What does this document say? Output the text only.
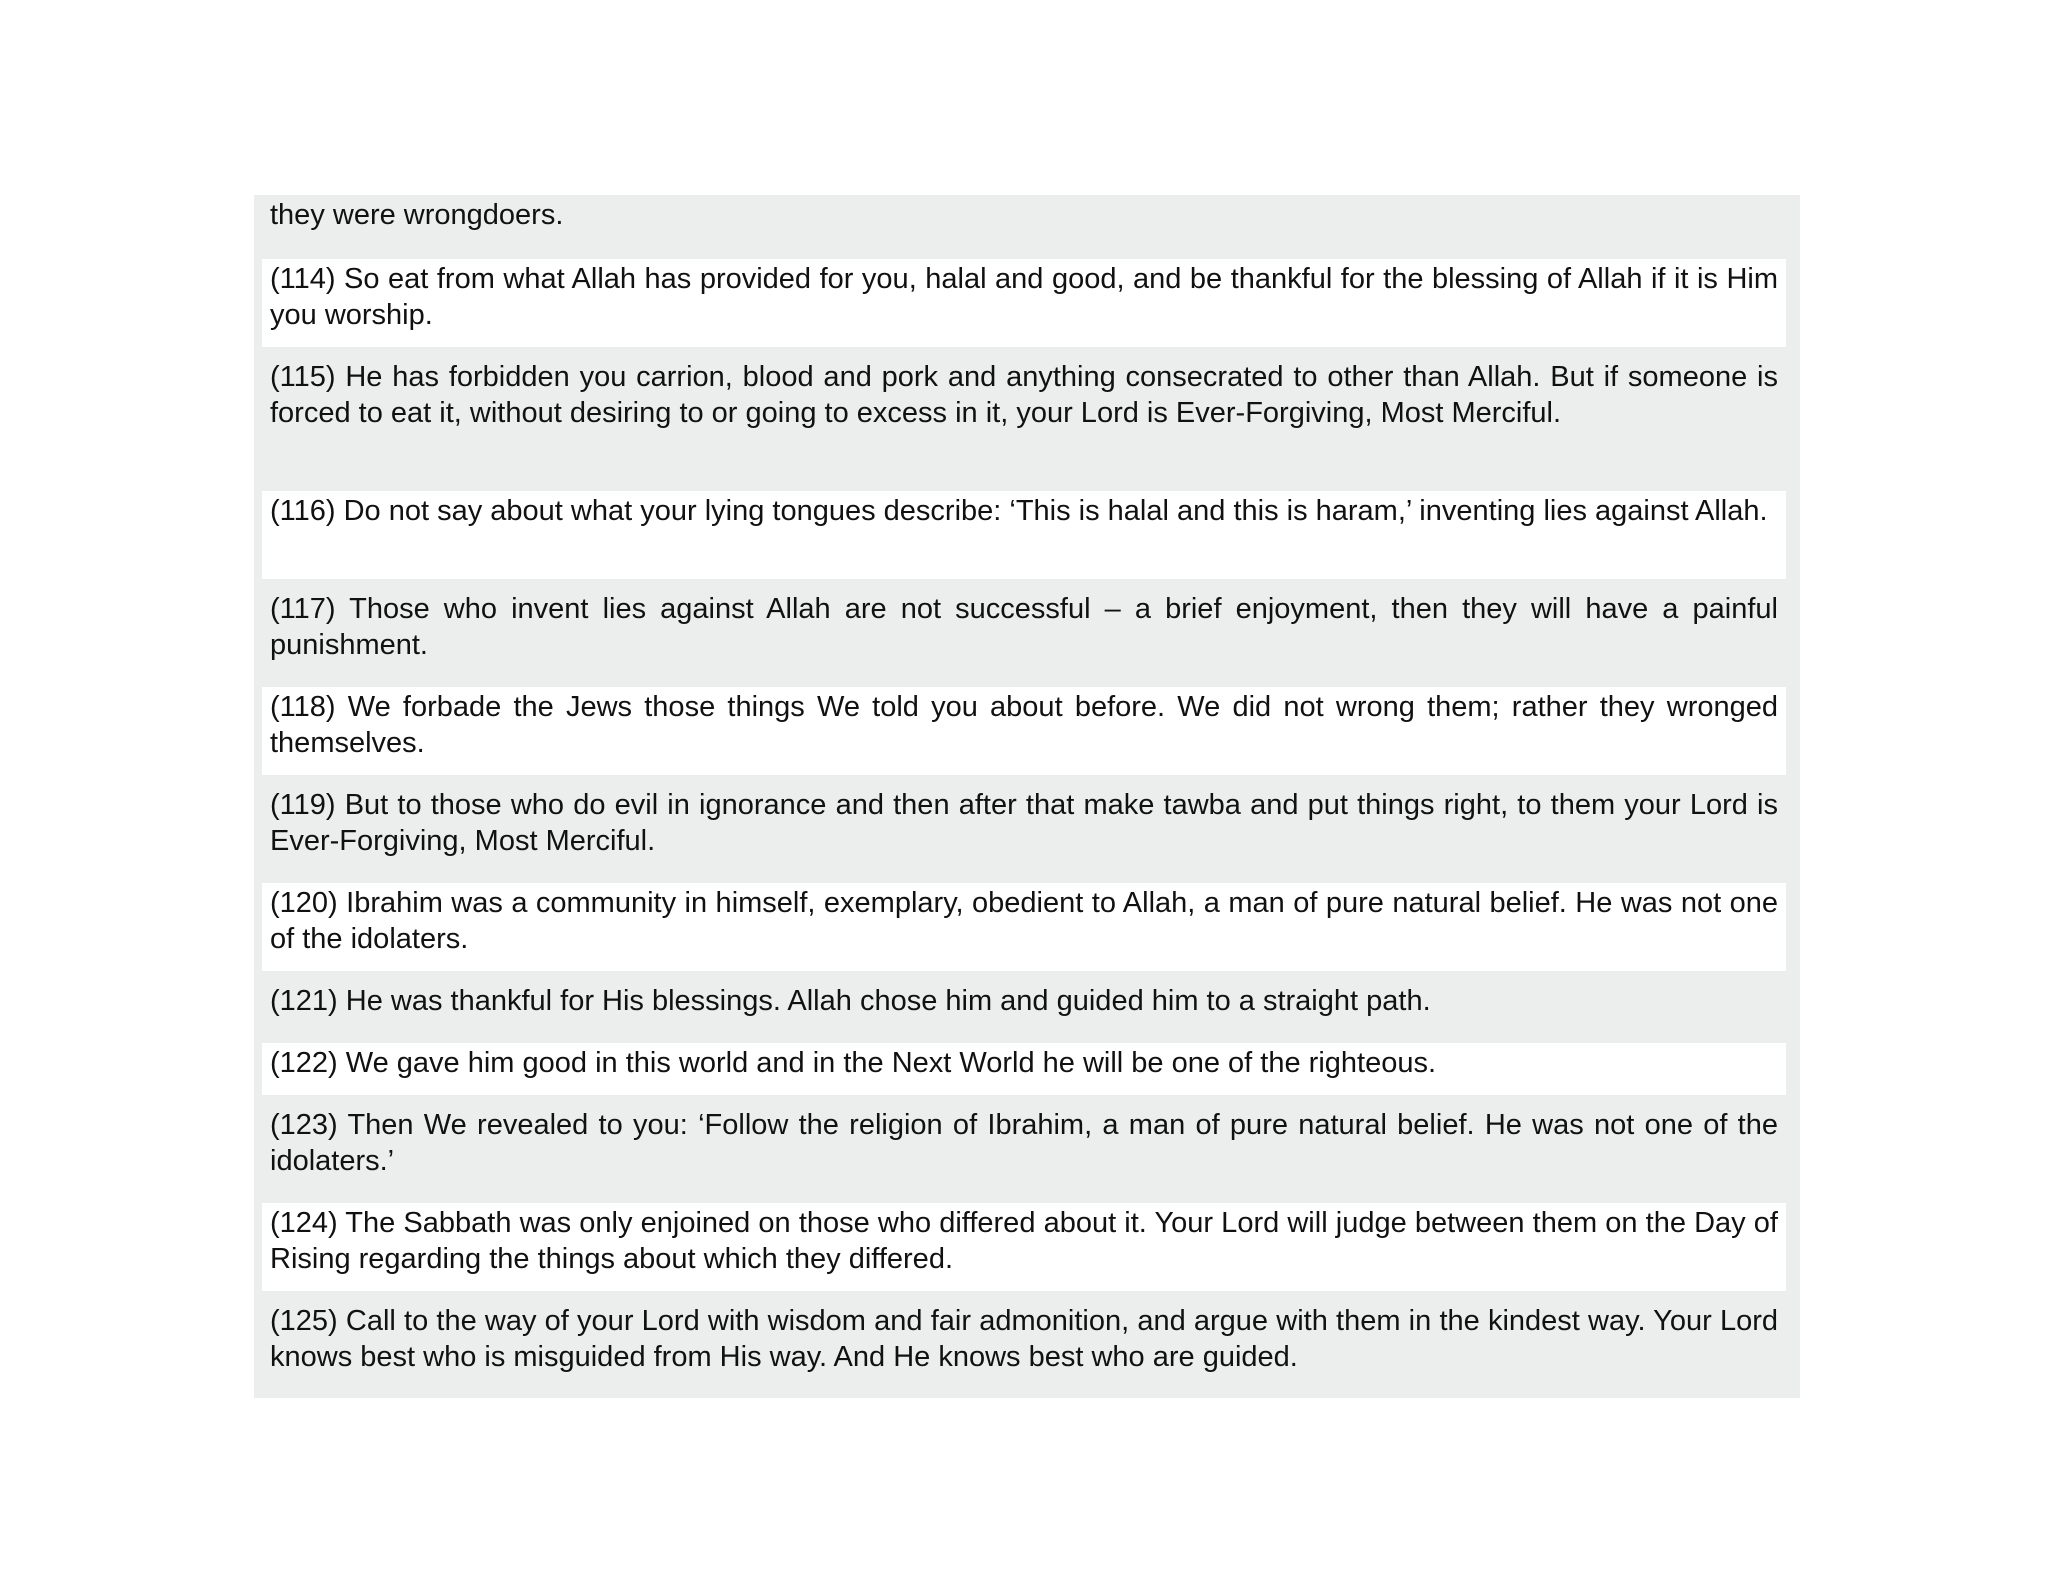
they were wrongdoers.
(114) So eat from what Allah has provided for you, halal and good, and be thankful for the blessing of Allah if it is Him you worship.
(115) He has forbidden you carrion, blood and pork and anything consecrated to other than Allah. But if someone is forced to eat it, without desiring to or going to excess in it, your Lord is Ever-Forgiving, Most Merciful.
(116) Do not say about what your lying tongues describe: ‘This is halal and this is haram,’ inventing lies against Allah.
(117) Those who invent lies against Allah are not successful – a brief enjoyment, then they will have a painful punishment.
(118) We forbade the Jews those things We told you about before. We did not wrong them; rather they wronged themselves.
(119) But to those who do evil in ignorance and then after that make tawba and put things right, to them your Lord is Ever-Forgiving, Most Merciful.
(120) Ibrahim was a community in himself, exemplary, obedient to Allah, a man of pure natural belief. He was not one of the idolaters.
(121) He was thankful for His blessings. Allah chose him and guided him to a straight path.
(122) We gave him good in this world and in the Next World he will be one of the righteous.
(123) Then We revealed to you: ‘Follow the religion of Ibrahim, a man of pure natural belief. He was not one of the idolaters.’
(124) The Sabbath was only enjoined on those who differed about it. Your Lord will judge between them on the Day of Rising regarding the things about which they differed.
(125) Call to the way of your Lord with wisdom and fair admonition, and argue with them in the kindest way. Your Lord knows best who is misguided from His way. And He knows best who are guided.
